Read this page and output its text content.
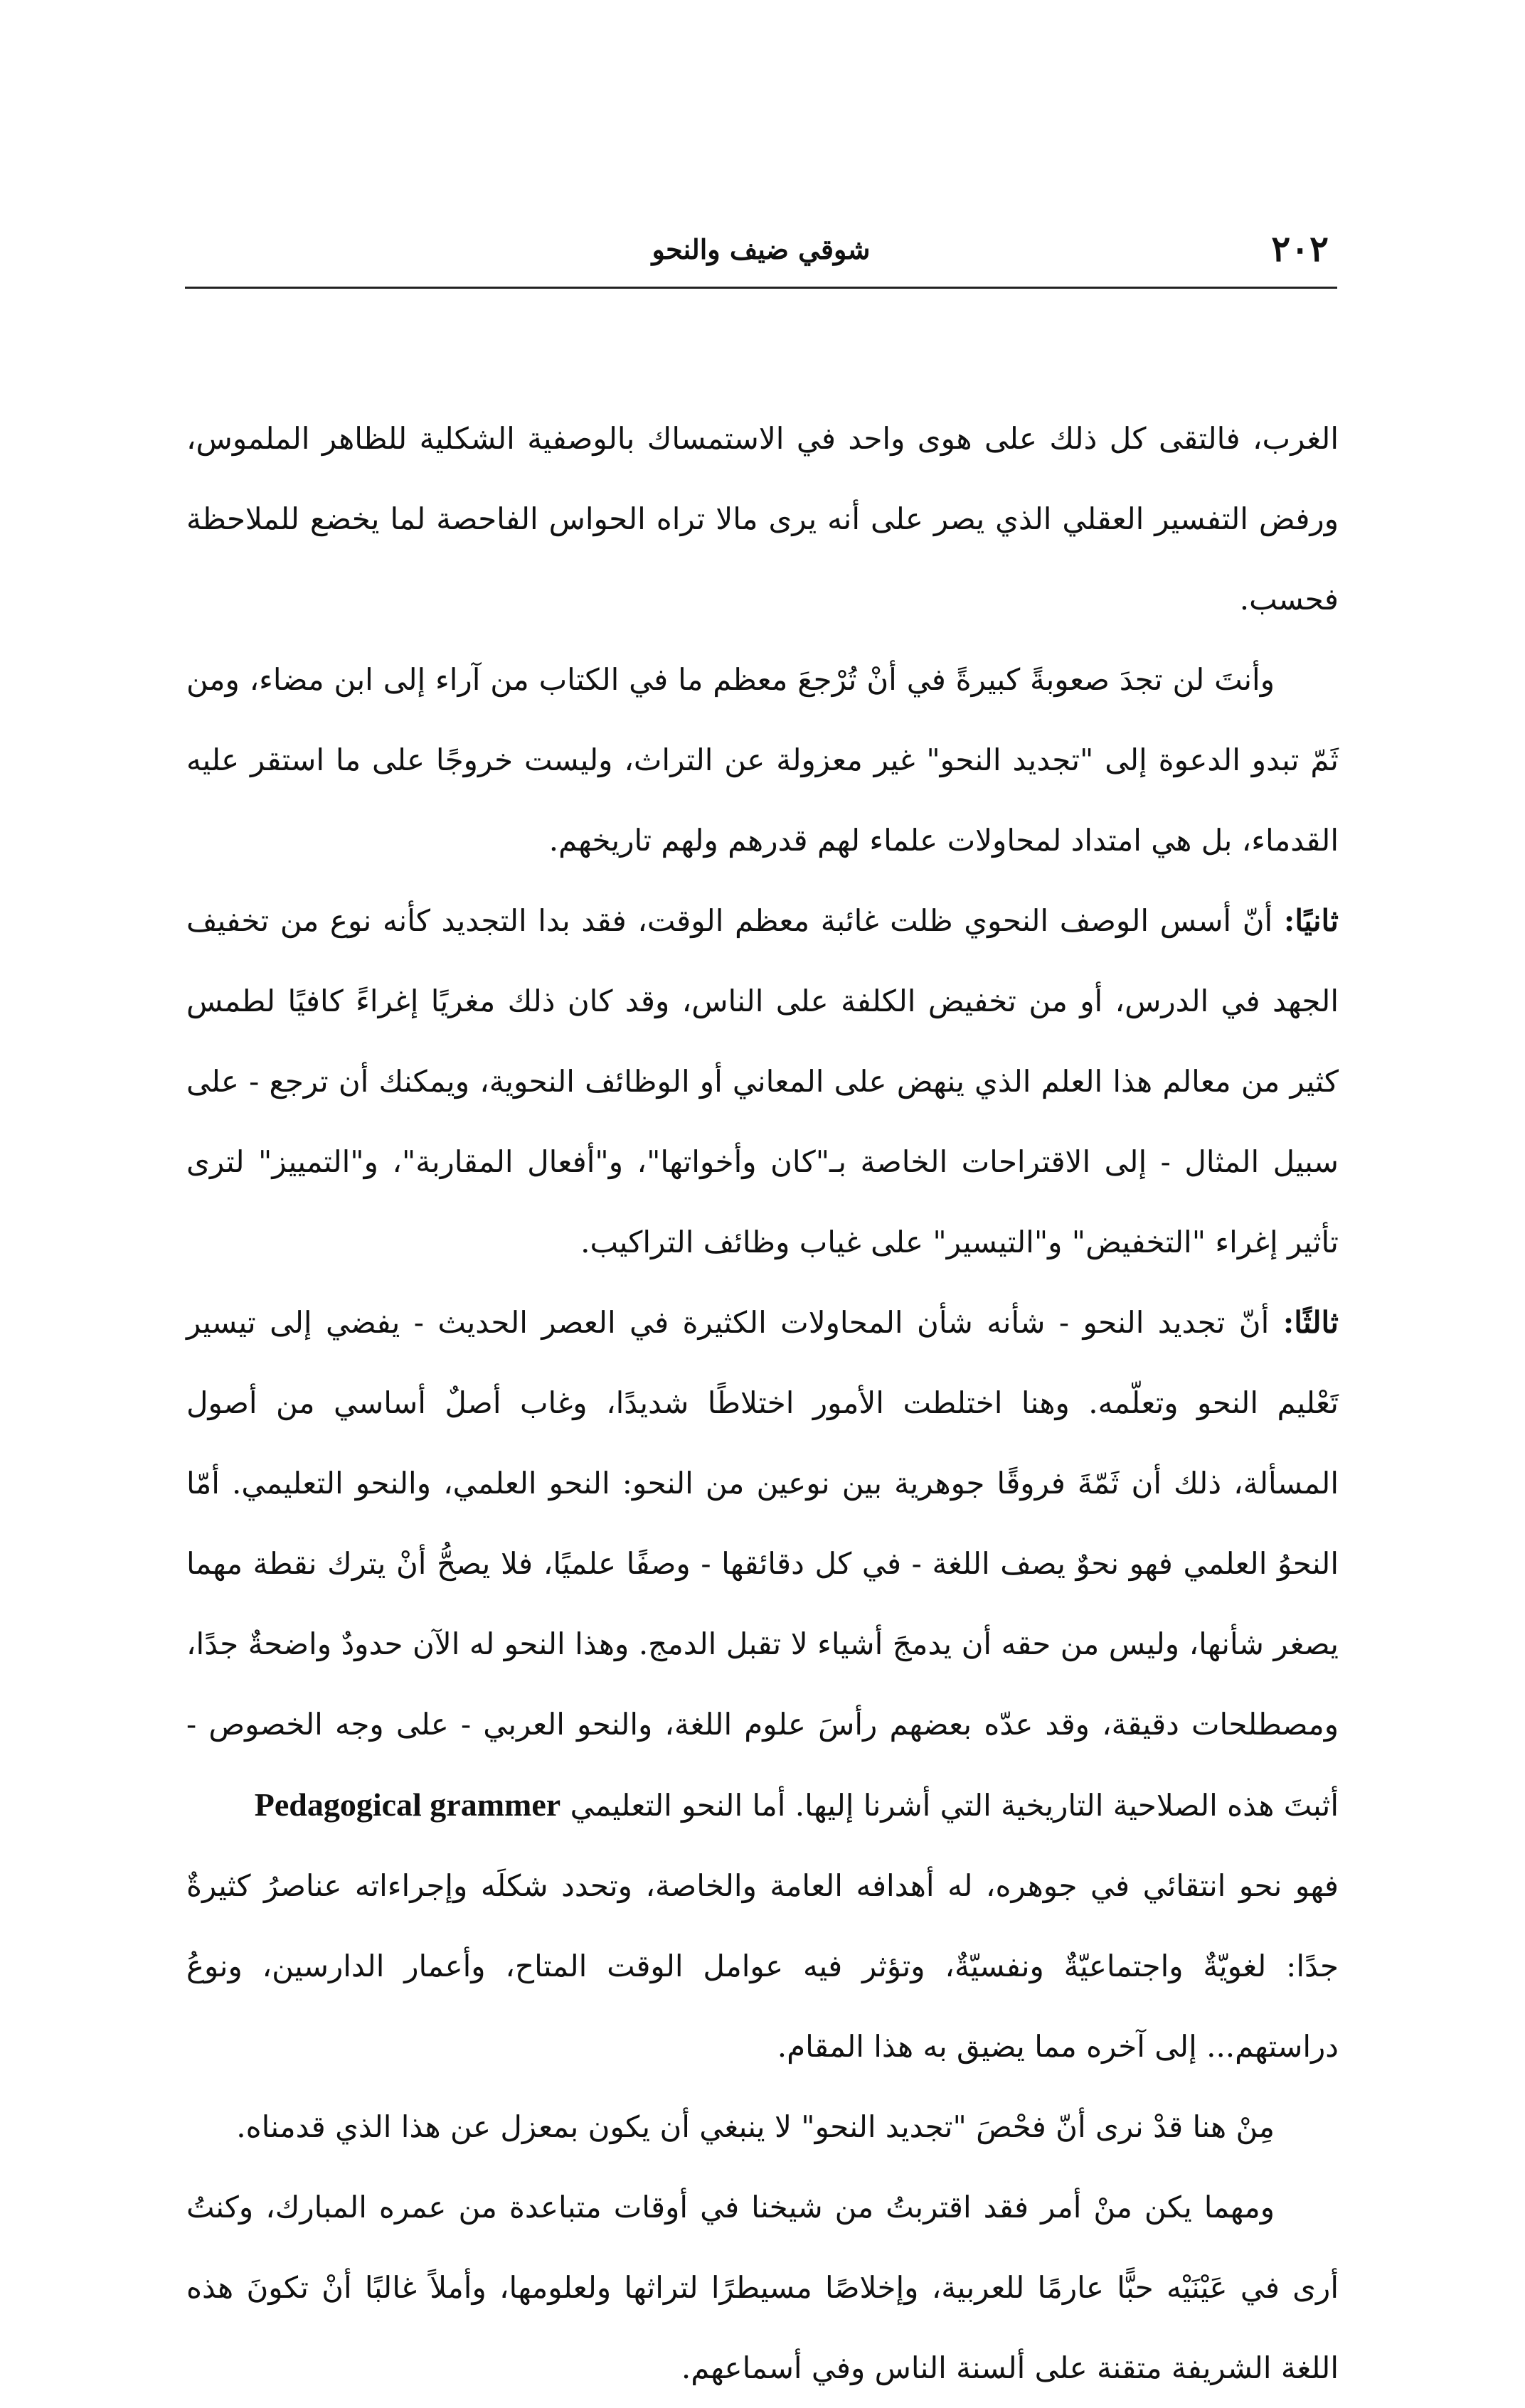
٢٠٢
شوقي ضيف والنحو

الغرب، فالتقى كل ذلك على هوى واحد في الاستمساك بالوصفية الشكلية للظاهر الملموس، ورفض التفسير العقلي الذي يصر على أنه يرى مالا تراه الحواس الفاحصة لما يخضع للملاحظة فحسب.

وأنتَ لن تجدَ صعوبةً كبيرةً في أنْ تُرْجعَ معظم ما في الكتاب من آراء إلى ابن مضاء، ومن ثَمّ تبدو الدعوة إلى "تجديد النحو" غير معزولة عن التراث، وليست خروجًا على ما استقر عليه القدماء، بل هي امتداد لمحاولات علماء لهم قدرهم ولهم تاريخهم.

ثانيًا: أنّ أسس الوصف النحوي ظلت غائبة معظم الوقت، فقد بدا التجديد كأنه نوع من تخفيف الجهد في الدرس، أو من تخفيض الكلفة على الناس، وقد كان ذلك مغريًا إغراءً كافيًا لطمس كثير من معالم هذا العلم الذي ينهض على المعاني أو الوظائف النحوية، ويمكنك أن ترجع - على سبيل المثال - إلى الاقتراحات الخاصة بـ"كان وأخواتها"، و"أفعال المقاربة"، و"التمييز" لترى تأثير إغراء "التخفيض" و"التيسير" على غياب وظائف التراكيب.

ثالثًا: أنّ تجديد النحو - شأنه شأن المحاولات الكثيرة في العصر الحديث - يفضي إلى تيسير تَعْليم النحو وتعلّمه. وهنا اختلطت الأمور اختلاطًا شديدًا، وغاب أصلٌ أساسي من أصول المسألة، ذلك أن ثَمّةَ فروقًا جوهرية بين نوعين من النحو: النحو العلمي، والنحو التعليمي. أمّا النحوُ العلمي فهو نحوٌ يصف اللغة - في كل دقائقها - وصفًا علميًا، فلا يصحُّ أنْ يترك نقطة مهما يصغر شأنها، وليس من حقه أن يدمجَ أشياء لا تقبل الدمج. وهذا النحو له الآن حدودٌ واضحةٌ جدًا، ومصطلحات دقيقة، وقد عدّه بعضهم رأسَ علوم اللغة، والنحو العربي - على وجه الخصوص - أثبتَ هذه الصلاحية التاريخية التي أشرنا إليها. أما النحو التعليمي Pedagogical grammer

فهو نحو انتقائي في جوهره، له أهدافه العامة والخاصة، وتحدد شكلَه وإجراءاته عناصرُ كثيرةٌ جدًا: لغويّةٌ واجتماعيّةٌ ونفسيّةٌ، وتؤثر فيه عوامل الوقت المتاح، وأعمار الدارسين، ونوعُ دراستهم... إلى آخره مما يضيق به هذا المقام.

مِنْ هنا قدْ نرى أنّ فحْصَ "تجديد النحو" لا ينبغي أن يكون بمعزل عن هذا الذي قدمناه.

ومهما يكن منْ أمر فقد اقتربتُ من شيخنا في أوقات متباعدة من عمره المبارك، وكنتُ أرى في عَيْنَيْه حبًّا عارمًا للعربية، وإخلاصًا مسيطرًا لتراثها ولعلومها، وأملاً غالبًا أنْ تكونَ هذه اللغة الشريفة متقنة على ألسنة الناس وفي أسماعهم.
